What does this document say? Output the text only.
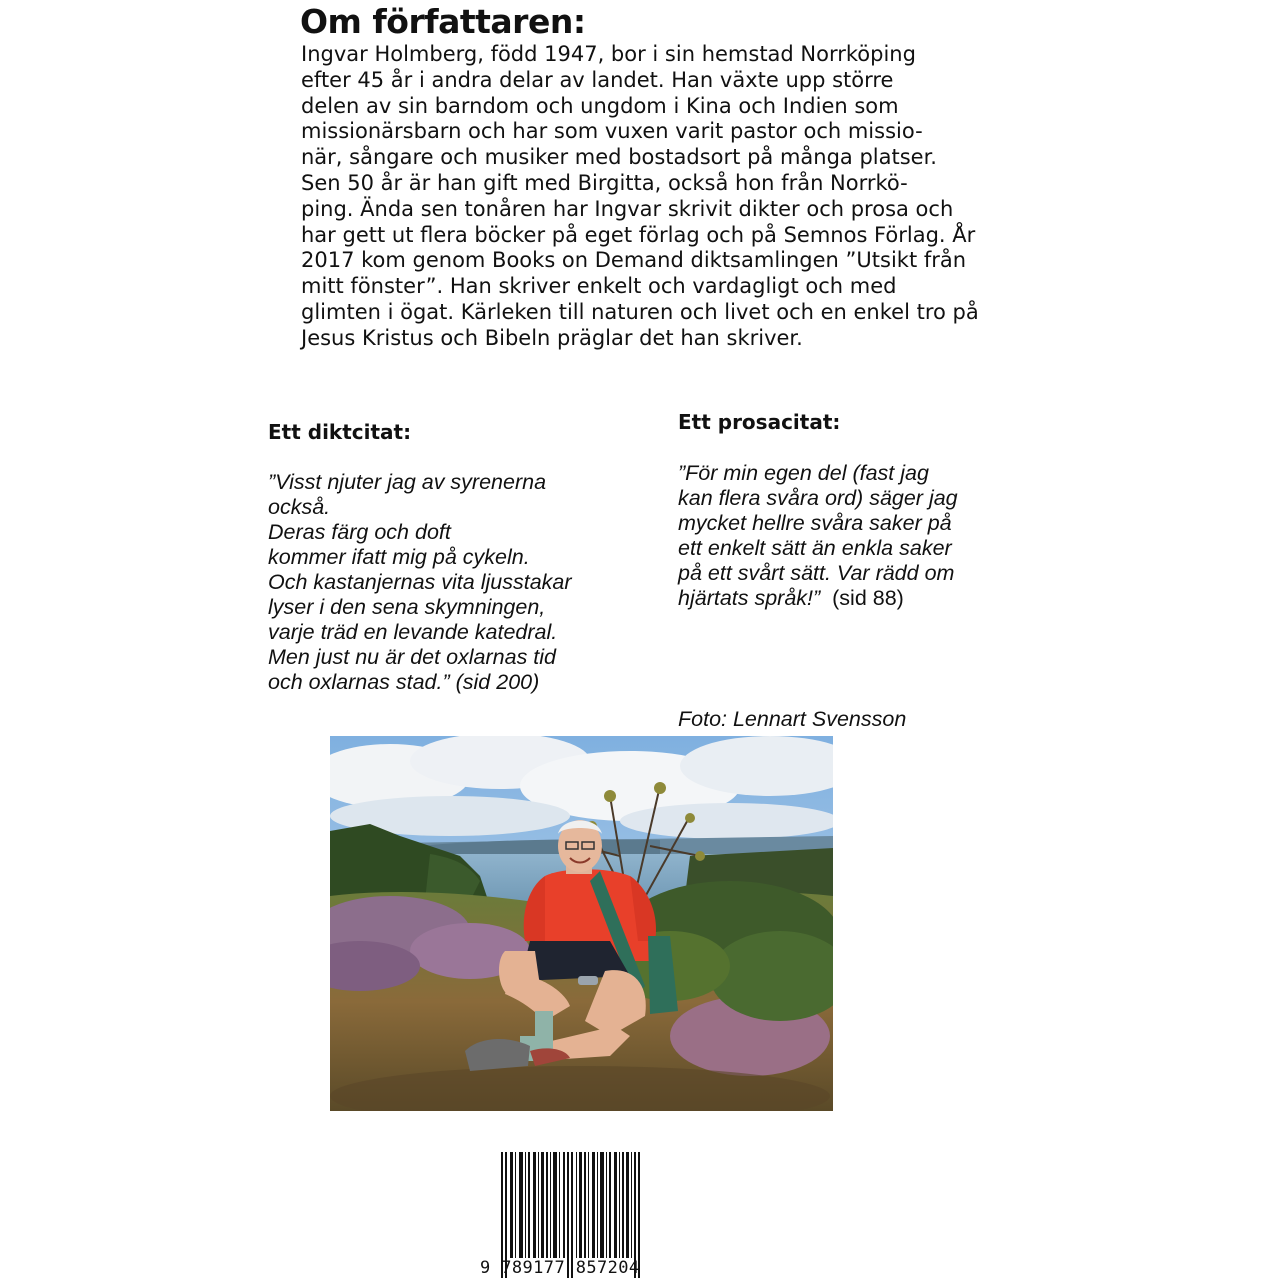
Om författaren:
Ingvar Holmberg, född 1947, bor i sin hemstad Norrköping
efter 45 år i andra delar av landet. Han växte upp större
delen av sin barndom och ungdom i Kina och Indien som
missionärsbarn och har som vuxen varit pastor och missio-
när, sångare och musiker med bostadsort på många platser.
Sen 50 år är han gift med Birgitta, också hon från Norrkö-
ping. Ända sen tonåren har Ingvar skrivit dikter och prosa och
har gett ut flera böcker på eget förlag och på Semnos Förlag. År
2017 kom genom Books on Demand diktsamlingen ”Utsikt från
mitt fönster”. Han skriver enkelt och vardagligt och med
glimten i ögat. Kärleken till naturen och livet och en enkel tro på
Jesus Kristus och Bibeln präglar det han skriver.
Ett diktcitat:
”Visst njuter jag av syrenerna
också.
Deras färg och doft
kommer ifatt mig på cykeln.
Och kastanjernas vita ljusstakar
lyser i den sena skymningen,
varje träd en levande katedral.
Men just nu är det oxlarnas tid
och oxlarnas stad.” (sid 200)
Ett prosacitat:
”För min egen del (fast jag
kan flera svåra ord) säger jag
mycket hellre svåra saker på
ett enkelt sätt än enkla saker
på ett svårt sätt. Var rädd om
hjärtats språk!” (sid 88)

Foto: Lennart Svensson

9 789177 857204
